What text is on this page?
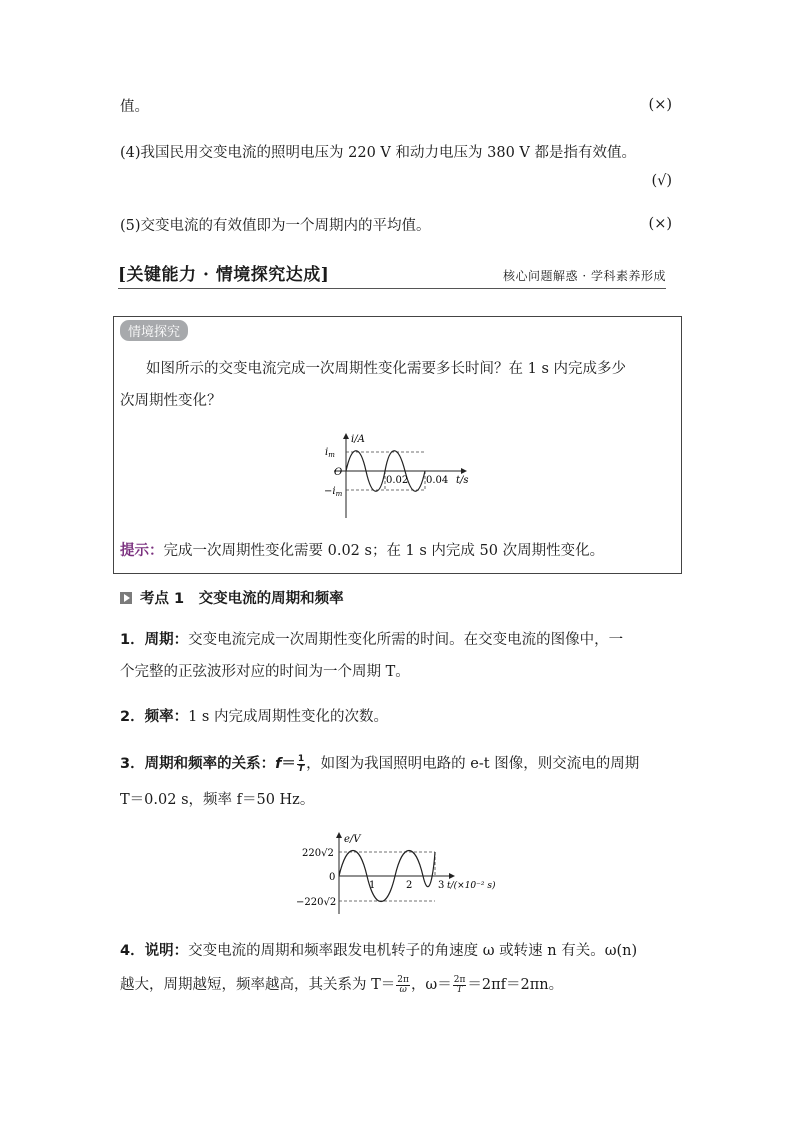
值。	(×)
(4)我国民用交变电流的照明电压为 220 V 和动力电压为 380 V 都是指有效值。
(√)
(5)交变电流的有效值即为一个周期内的平均值。	(×)
[关键能力 · 情境探究达成]	核心问题解惑 · 学科素养形成
情境探究
如图所示的交变电流完成一次周期性变化需要多长时间？在 1 s 内完成多少
次周期性变化？
i/A
$i_m$
O
$-i_m$
0.02 0.04 t/s
提示：完成一次周期性变化需要 0.02 s；在 1 s 内完成 50 次周期性变化。
考点 1　交变电流的周期和频率
1．周期：交变电流完成一次周期性变化所需的时间。在交变电流的图像中，一
个完整的正弦波形对应的时间为一个周期 T。
2．频率：1 s 内完成周期性变化的次数。
3．周期和频率的关系：$f= \frac{1}{T}$ ，如图为我国照明电路的 e-t 图像，则交流电的周期
T＝0.02 s，频率 f＝50 Hz。
e/V
220√2
0
−220√2
1	2	3 t/(×10⁻² s)
4．说明：交变电流的周期和频率跟发电机转子的角速度 ω 或转速 n 有关。ω(n)
越大，周期越短，频率越高，其关系为 $T= \frac{2\pi}{\omega}$ ，$\omega= \frac{2\pi}{T} =2\pi f=2\pi n$。
